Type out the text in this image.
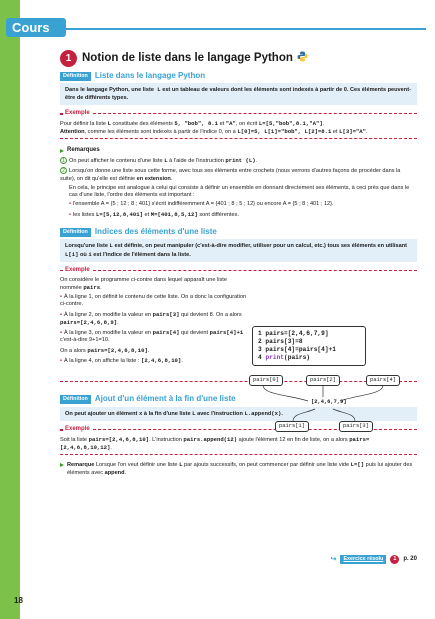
Cours
18
1 Notion de liste dans le langage Python
Définition Liste dans le langage Python
Dans le langage Python, une liste L est un tableau de valeurs dont les éléments sont indexés à partir de 0. Ces éléments peuvent-être de différents types.
Exemple
Pour définir la liste L constituée des éléments 5, "bob", 8.1 et "A", on écrit L=[5,"bob",8.1,"A"].
Attention, comme les éléments sont indexés à partir de l'indice 0, on a L[0]=5, L[1]="bob", L[2]=8.1 et L[3]="A".
Remarques
1 On peut afficher le contenu d'une liste L à l'aide de l'instruction print (L).
2 Lorsqu'on donne une liste sous cette forme, avec tous ses éléments entre crochets (nous verrons d'autres façons de procéder dans la suite), on dit qu'elle est définie en extension.
En cela, le principe est analogue à celui qui consiste à définir un ensemble en donnant directement ses éléments, à ceci près que dans le cas d'une liste, l'ordre des éléments est important :
• l'ensemble A = {5 ; 12 ; 8 ; 401} s'écrit indifféremment A = {401 ; 8 ; 5 ; 12} ou encore A = {5 ; 8 ; 401 ; 12}.
• les listes L=[5,12,8,401] et M=[401,8,5,12] sont différentes.
Définition Indices des éléments d'une liste
Lorsqu'une liste L est définie, on peut manipuler (c'est-à-dire modifier, utiliser pour un calcul, etc.) tous ses éléments en utilisant L[i] où i est l'indice de l'élément dans la liste.
Exemple
On considère le programme ci-contre dans lequel apparaît une liste nommée pairs.
• À la ligne 1, on définit le contenu de cette liste. On a donc la configuration ci-contre.
• À la ligne 2, on modifie la valeur en pairs[3] qui devient 8. On a alors pairs=[2,4,6,8,9].
• À la ligne 3, on modifie la valeur en pairs[4] qui devient pairs[4]+1 c'est-à-dire 9+1=10.
On a alors pairs=[2,4,6,8,10].
• À la ligne 4, on affiche la liste : [2,4,6,8,10].
Définition Ajout d'un élément à la fin d'une liste
On peut ajouter un élément x à la fin d'une liste L avec l'instruction L.append(x).
Exemple
Soit la liste pairs=[2,4,6,8,10]. L'instruction pairs.append(12) ajoute l'élément 12 en fin de liste, on a alors pairs=[2,4,6,8,10,12].
Remarque Lorsque l'on veut définir une liste L par ajouts successifs, on peut commencer par définir une liste vide L=[] puis lui ajouter des éléments avec append.
↪	Exercice résolu	1	p. 20
1 pairs=[2,4,6,7,9]
2 pairs[3]=8
3 pairs[4]=pairs[4]+1
4 print(pairs)
pairs[0]	pairs[2]	pairs[4]
[2,4,6,7,9]
pairs[1]	pairs[3]
